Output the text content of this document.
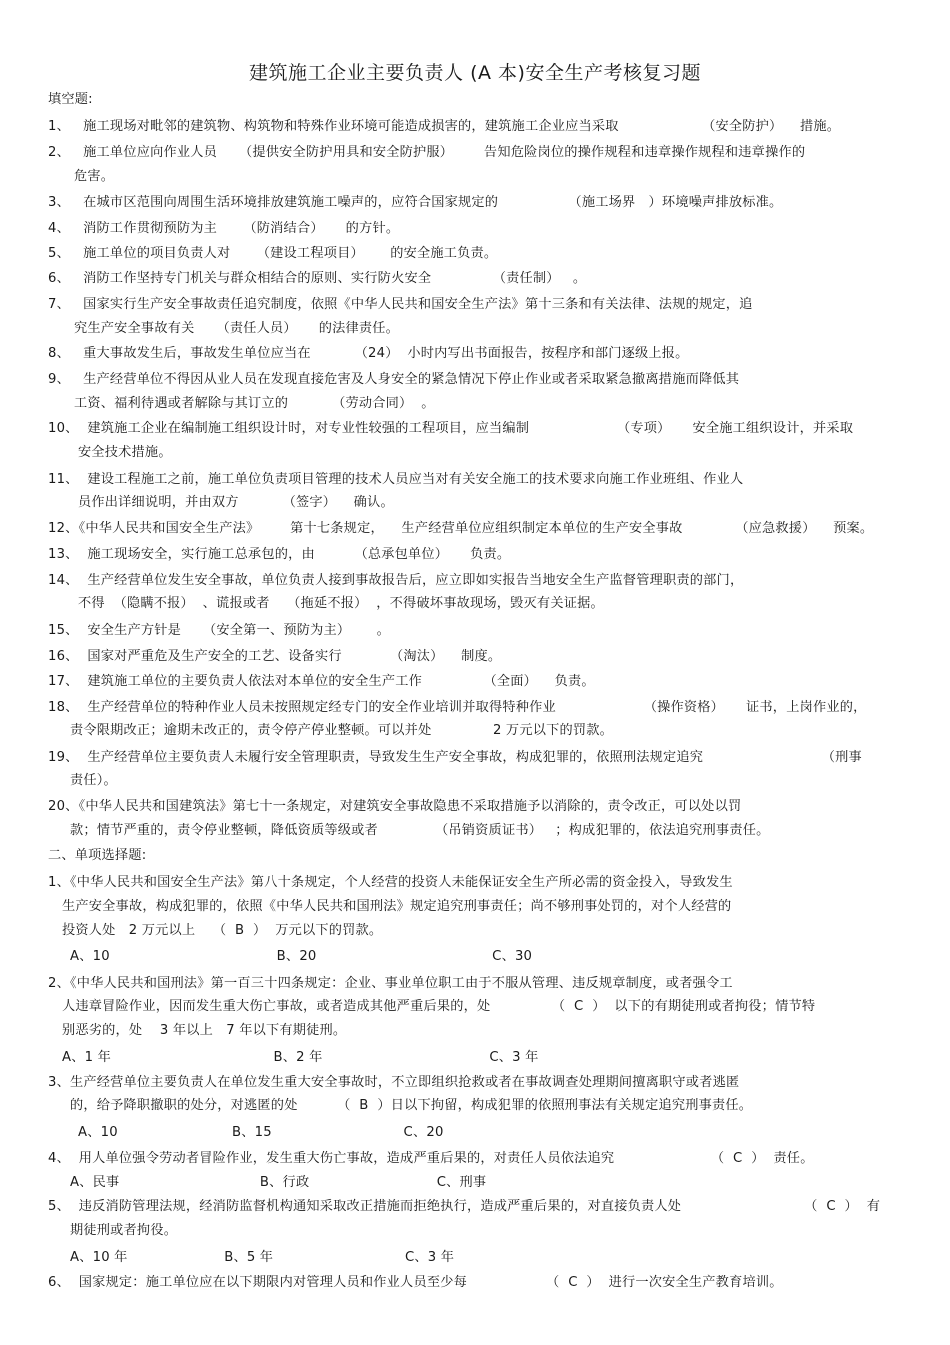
建筑施工企业主要负责人 (A 本)安全生产考核复习题
填空题:
1、   施工现场对毗邻的建筑物、构筑物和特殊作业环境可能造成损害的，建筑施工企业应当采取                   （安全防护）    措施。
2、   施工单位应向作业人员     （提供安全防护用具和安全防护服）       告知危险岗位的操作规程和违章操作规程和违章操作的
危害。
3、   在城市区范围向周围生活环境排放建筑施工噪声的，应符合国家规定的                （施工场界   ）环境噪声排放标准。
4、   消防工作贯彻预防为主      （防消结合）     的方针。
5、   施工单位的项目负责人对      （建设工程项目）      的安全施工负责。
6、   消防工作坚持专门机关与群众相结合的原则、实行防火安全              （责任制）   。
7、   国家实行生产安全事故责任追究制度，依照《中华人民共和国安全生产法》第十三条和有关法律、法规的规定，追
究生产安全事故有关     （责任人员）     的法律责任。
8、   重大事故发生后，事故发生单位应当在          （24）  小时内写出书面报告，按程序和部门逐级上报。
9、   生产经营单位不得因从业人员在发现直接危害及人身安全的紧急情况下停止作业或者采取紧急撤离措施而降低其
工资、福利待遇或者解除与其订立的          （劳动合同）  。
10、  建筑施工企业在编制施工组织设计时，对专业性较强的工程项目，应当编制                    （专项）     安全施工组织设计，并采取
安全技术措施。
11、  建设工程施工之前，施工单位负责项目管理的技术人员应当对有关安全施工的技术要求向施工作业班组、作业人
员作出详细说明，并由双方          （签字）    确认。
12、《中华人民共和国安全生产法》       第十七条规定，    生产经营单位应组织制定本单位的生产安全事故            （应急救援）    预案。
13、  施工现场安全，实行施工总承包的，由         （总承包单位）     负责。
14、  生产经营单位发生安全事故，单位负责人接到事故报告后，应立即如实报告当地安全生产监督管理职责的部门，
不得  （隐瞒不报）  、谎报或者    （拖延不报）  ，不得破坏事故现场，毁灭有关证据。
15、  安全生产方针是     （安全第一、预防为主）      。
16、  国家对严重危及生产安全的工艺、设备实行           （淘汰）    制度。
17、  建筑施工单位的主要负责人依法对本单位的安全生产工作              （全面）    负责。
18、  生产经营单位的特种作业人员未按照规定经专门的安全作业培训并取得特种作业                    （操作资格）     证书，上岗作业的，
责令限期改正；逾期未改正的，责令停产停业整顿。可以并处              2 万元以下的罚款。
19、  生产经营单位主要负责人未履行安全管理职责，导致发生生产安全事故，构成犯罪的，依照刑法规定追究                           （刑事
责任）。
20、《中华人民共和国建筑法》第七十一条规定，对建筑安全事故隐患不采取措施予以消除的，责令改正，可以处以罚
款；情节严重的，责令停业整顿，降低资质等级或者             （吊销资质证书）   ；构成犯罪的，依法追究刑事责任。
二、单项选择题:
1、《中华人民共和国安全生产法》第八十条规定，个人经营的投资人未能保证安全生产所必需的资金投入，导致发生
生产安全事故，构成犯罪的，依照《中华人民共和国刑法》规定追究刑事责任；尚不够刑事处罚的，对个人经营的
投资人处   2 万元以上    （  B  ）  万元以下的罚款。
A、10                                      B、20                                        C、30
2、《中华人民共和国刑法》第一百三十四条规定：企业、事业单位职工由于不服从管理、违反规章制度，或者强令工
人违章冒险作业，因而发生重大伤亡事故，或者造成其他严重后果的，处              （  C  ）  以下的有期徒刑或者拘役；情节特
别恶劣的，处    3 年以上   7 年以下有期徒刑。
A、1 年                                     B、2 年                                      C、3 年
3、生产经营单位主要负责人在单位发生重大安全事故时，不立即组织抢救或者在事故调查处理期间擅离职守或者逃匿
的，给予降职撤职的处分，对逃匿的处         （  B  ）日以下拘留，构成犯罪的依照刑事法有关规定追究刑事责任。
A、10                          B、15                              C、20
4、  用人单位强令劳动者冒险作业，发生重大伤亡事故，造成严重后果的，对责任人员依法追究                      （  C  ）  责任。
A、民事                                B、行政                             C、刑事
5、  违反消防管理法规，经消防监督机构通知采取改正措施而拒绝执行，造成严重后果的，对直接负责人处                            （  C  ）  有
期徒刑或者拘役。
A、10 年                      B、5 年                              C、3 年
6、  国家规定：施工单位应在以下期限内对管理人员和作业人员至少每                  （  C  ）  进行一次安全生产教育培训。
